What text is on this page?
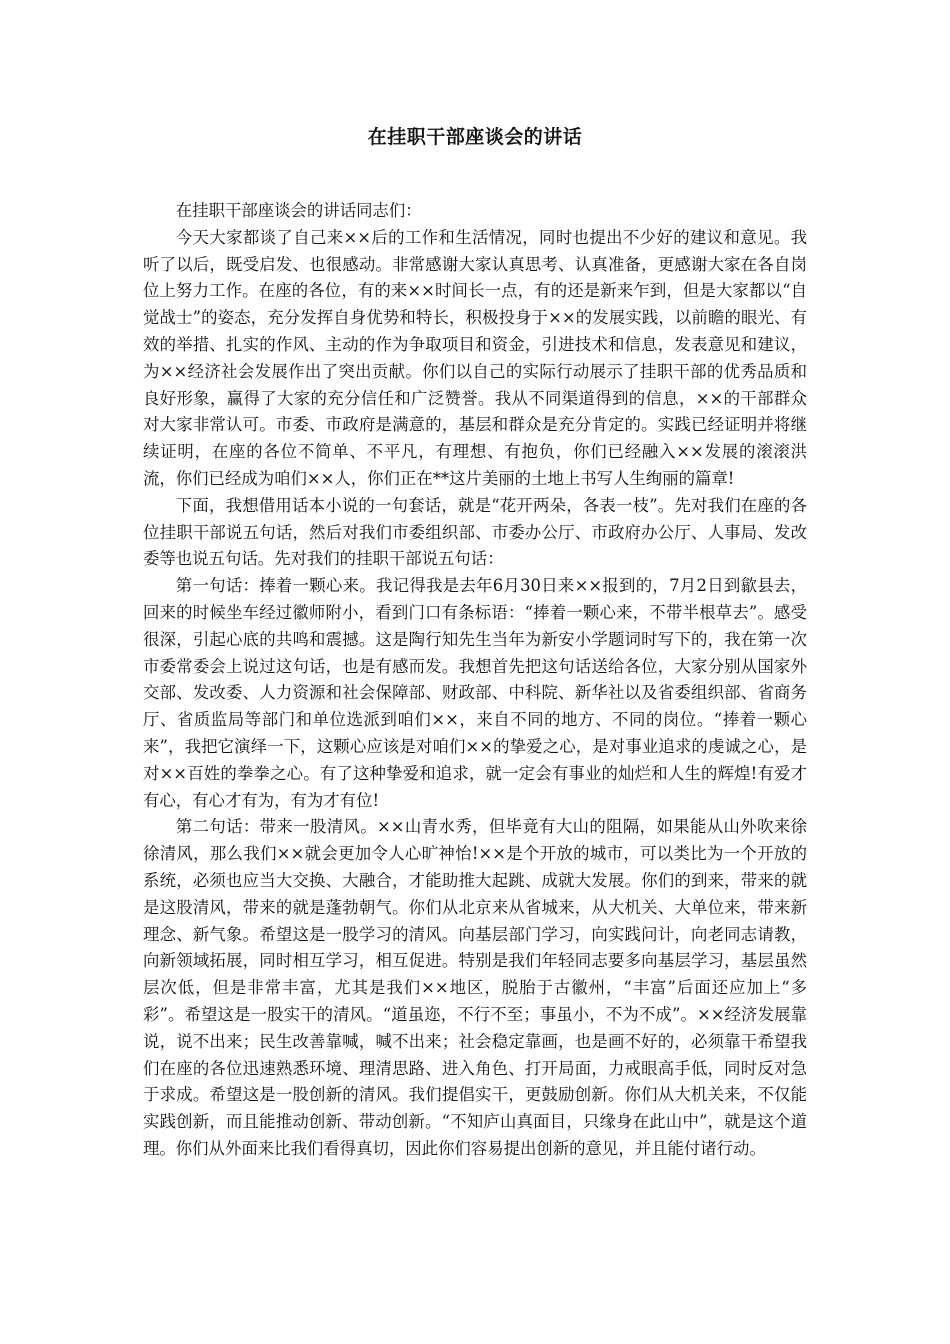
在挂职干部座谈会的讲话

在挂职干部座谈会的讲话同志们：

今天大家都谈了自己来××后的工作和生活情况，同时也提出不少好的建议和意见。我听了以后，既受启发、也很感动。非常感谢大家认真思考、认真准备，更感谢大家在各自岗位上努力工作。在座的各位，有的来××时间长一点，有的还是新来乍到，但是大家都以“自觉战士”的姿态，充分发挥自身优势和特长，积极投身于××的发展实践，以前瞻的眼光、有效的举措、扎实的作风、主动的作为争取项目和资金，引进技术和信息，发表意见和建议，为××经济社会发展作出了突出贡献。你们以自己的实际行动展示了挂职干部的优秀品质和良好形象，赢得了大家的充分信任和广泛赞誉。我从不同渠道得到的信息，××的干部群众对大家非常认可。市委、市政府是满意的，基层和群众是充分肯定的。实践已经证明并将继续证明，在座的各位不简单、不平凡，有理想、有抱负，你们已经融入××发展的滚滚洪流，你们已经成为咱们××人，你们正在**这片美丽的土地上书写人生绚丽的篇章!

下面，我想借用话本小说的一句套话，就是“花开两朵，各表一枝”。先对我们在座的各位挂职干部说五句话，然后对我们市委组织部、市委办公厅、市政府办公厅、人事局、发改委等也说五句话。先对我们的挂职干部说五句话：

第一句话：捧着一颗心来。我记得我是去年6月30日来××报到的，7月2日到歙县去，回来的时候坐车经过徽师附小，看到门口有条标语：“捧着一颗心来，不带半根草去”。感受很深，引起心底的共鸣和震撼。这是陶行知先生当年为新安小学题词时写下的，我在第一次市委常委会上说过这句话，也是有感而发。我想首先把这句话送给各位，大家分别从国家外交部、发改委、人力资源和社会保障部、财政部、中科院、新华社以及省委组织部、省商务厅、省质监局等部门和单位选派到咱们××，来自不同的地方、不同的岗位。“捧着一颗心来”，我把它演绎一下，这颗心应该是对咱们××的挚爱之心，是对事业追求的虔诚之心，是对××百姓的拳拳之心。有了这种挚爱和追求，就一定会有事业的灿烂和人生的辉煌!有爱才有心，有心才有为，有为才有位!

第二句话：带来一股清风。××山青水秀，但毕竟有大山的阻隔，如果能从山外吹来徐徐清风，那么我们××就会更加令人心旷神怡!××是个开放的城市，可以类比为一个开放的系统，必须也应当大交换、大融合，才能助推大起跳、成就大发展。你们的到来，带来的就是这股清风，带来的就是蓬勃朝气。你们从北京来从省城来，从大机关、大单位来，带来新理念、新气象。希望这是一股学习的清风。向基层部门学习，向实践问计，向老同志请教，向新领域拓展，同时相互学习，相互促进。特别是我们年轻同志要多向基层学习，基层虽然层次低，但是非常丰富，尤其是我们××地区，脱胎于古徽州，“丰富”后面还应加上“多彩”。希望这是一股实干的清风。“道虽迩，不行不至；事虽小，不为不成”。××经济发展靠说，说不出来；民生改善靠喊，喊不出来；社会稳定靠画，也是画不好的，必须靠干希望我们在座的各位迅速熟悉环境、理清思路、进入角色、打开局面，力戒眼高手低，同时反对急于求成。希望这是一股创新的清风。我们提倡实干，更鼓励创新。你们从大机关来，不仅能实践创新，而且能推动创新、带动创新。“不知庐山真面目，只缘身在此山中”，就是这个道理。你们从外面来比我们看得真切，因此你们容易提出创新的意见，并且能付诸行动。
